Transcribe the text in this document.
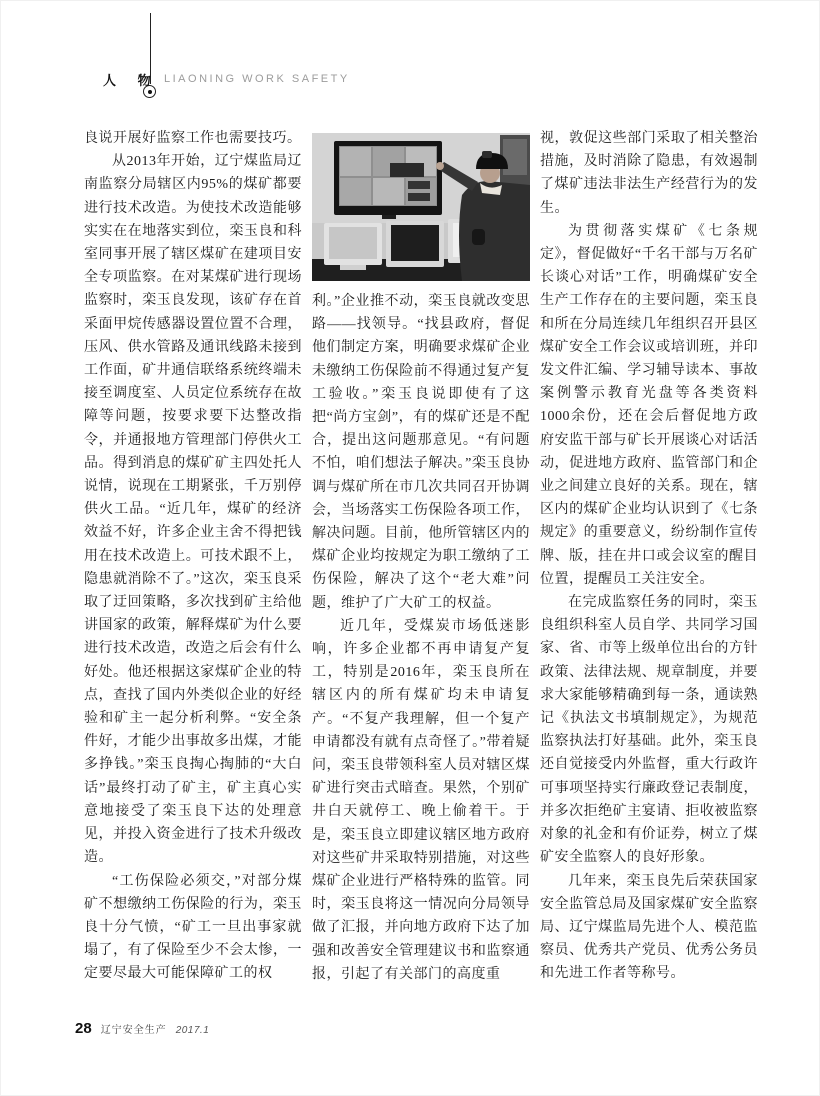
人 物 LIAONING WORK SAFETY

良说开展好监察工作也需要技巧。

从2013年开始，辽宁煤监局辽南监察分局辖区内95%的煤矿都要进行技术改造。为使技术改造能够实实在在地落实到位，栾玉良和科室同事开展了辖区煤矿在建项目安全专项监察。在对某煤矿进行现场监察时，栾玉良发现，该矿存在首采面甲烷传感器设置位置不合理，压风、供水管路及通讯线路未接到工作面，矿井通信联络系统终端未接至调度室、人员定位系统存在故障等问题，按要求要下达整改指令，并通报地方管理部门停供火工品。得到消息的煤矿矿主四处托人说情，说现在工期紧张，千万别停供火工品。“近几年，煤矿的经济效益不好，许多企业主舍不得把钱用在技术改造上。可技术跟不上，隐患就消除不了。”这次，栾玉良采取了迂回策略，多次找到矿主给他讲国家的政策，解释煤矿为什么要进行技术改造，改造之后会有什么好处。他还根据这家煤矿企业的特点，查找了国内外类似企业的好经验和矿主一起分析利弊。“安全条件好，才能少出事故多出煤，才能多挣钱。”栾玉良掏心掏肺的“大白话”最终打动了矿主，矿主真心实意地接受了栾玉良下达的处理意见，并投入资金进行了技术升级改造。

“工伤保险必须交，”对部分煤矿不想缴纳工伤保险的行为，栾玉良十分气愤，“矿工一旦出事家就塌了，有了保险至少不会太惨，一定要尽最大可能保障矿工的权

利。”企业推不动，栾玉良就改变思路——找领导。“找县政府，督促他们制定方案，明确要求煤矿企业未缴纳工伤保险前不得通过复产复工验收。”栾玉良说即使有了这把“尚方宝剑”，有的煤矿还是不配合，提出这问题那意见。“有问题不怕，咱们想法子解决。”栾玉良协调与煤矿所在市几次共同召开协调会，当场落实工伤保险各项工作，解决问题。目前，他所管辖区内的煤矿企业均按规定为职工缴纳了工伤保险，解决了这个“老大难”问题，维护了广大矿工的权益。

近几年，受煤炭市场低迷影响，许多企业都不再申请复产复工，特别是2016年，栾玉良所在辖区内的所有煤矿均未申请复产。“不复产我理解，但一个复产申请都没有就有点奇怪了。”带着疑问，栾玉良带领科室人员对辖区煤矿进行突击式暗查。果然，个别矿井白天就停工、晚上偷着干。于是，栾玉良立即建议辖区地方政府对这些矿井采取特别措施，对这些煤矿企业进行严格特殊的监管。同时，栾玉良将这一情况向分局领导做了汇报，并向地方政府下达了加强和改善安全管理建议书和监察通报，引起了有关部门的高度重

视，敦促这些部门采取了相关整治措施，及时消除了隐患，有效遏制了煤矿违法非法生产经营行为的发生。

为贯彻落实煤矿《七条规定》，督促做好“千名干部与万名矿长谈心对话”工作，明确煤矿安全生产工作存在的主要问题，栾玉良和所在分局连续几年组织召开县区煤矿安全工作会议或培训班，并印发文件汇编、学习辅导读本、事故案例警示教育光盘等各类资料1000余份，还在会后督促地方政府安监干部与矿长开展谈心对话活动，促进地方政府、监管部门和企业之间建立良好的关系。现在，辖区内的煤矿企业均认识到了《七条规定》的重要意义，纷纷制作宣传牌、版，挂在井口或会议室的醒目位置，提醒员工关注安全。

在完成监察任务的同时，栾玉良组织科室人员自学、共同学习国家、省、市等上级单位出台的方针政策、法律法规、规章制度，并要求大家能够精确到每一条，通读熟记《执法文书填制规定》，为规范监察执法打好基础。此外，栾玉良还自觉接受内外监督，重大行政许可事项坚持实行廉政登记表制度，并多次拒绝矿主宴请、拒收被监察对象的礼金和有价证券，树立了煤矿安全监察人的良好形象。

几年来，栾玉良先后荣获国家安全监管总局及国家煤矿安全监察局、辽宁煤监局先进个人、模范监察员、优秀共产党员、优秀公务员和先进工作者等称号。

28 辽宁安全生产 2017.1
